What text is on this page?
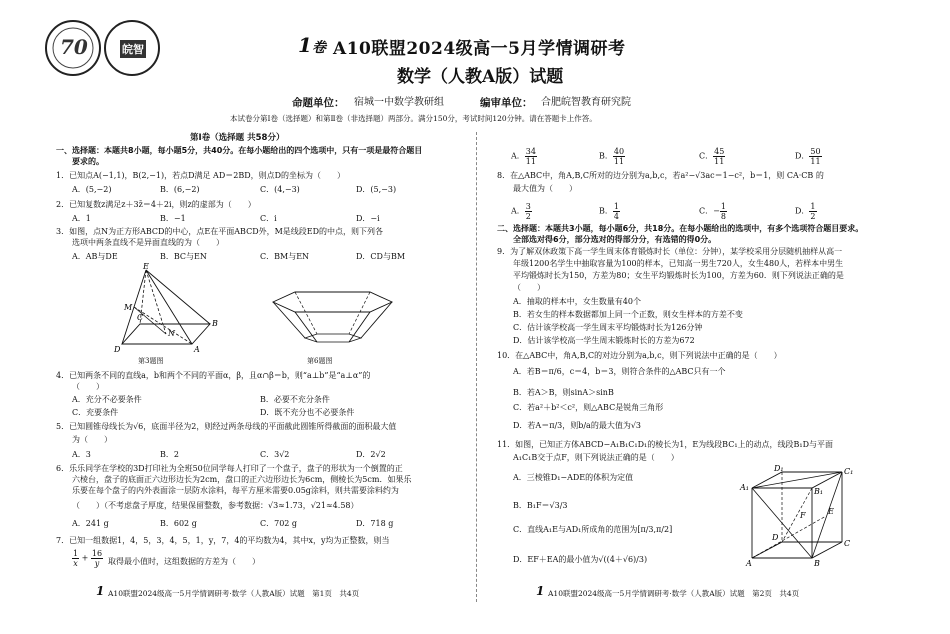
70	皖智	1 卷 A10联盟2024级高一5月学情调研考
数学（人教A版）试题
命题单位： 宿城一中数学教研组	编审单位： 合肥皖智教育研究院
本试卷分第Ⅰ卷（选择题）和第Ⅱ卷（非选择题）两部分。满分150分，考试时间120分钟。请在答题卡上作答。
第Ⅰ卷（选择题 共58分）
一、选择题：本题共8小题，每小题5分，共40分。在每小题给出的四个选项中，只有一项是最符合题目
要求的。
1．已知点A(−1,1)，B(2,−1)，若点D满足 AD＝2BD，则点D的坐标为（　　）
A．(5,−2)	B．(6,−2)	C．(4,−3)	D．(5,−3)
2．已知复数z满足z＋3z̄＝4＋2i，则z的虚部为（　　）
A．1	B．−1	C．i	D．−i
3．如图，点N为正方形ABCD的中心，点E在平面ABCD外，M是线段ED的中点，则下列各
选项中两条直线不是异面直线的为（　　）
A．AB与DE	B．BC与EN	C．BM与EN	D．CD与BM
E
M
N
D	A
B
C
第3题图	第6题图
4．已知两条不同的直线a，b和两个不同的平面α，β，且α∩β＝b，则“a⊥b”是“a⊥α”的
（　　）
A．充分不必要条件	B．必要不充分条件
C．充要条件	D．既不充分也不必要条件
5．已知圆锥母线长为√6，底面半径为2，则经过两条母线的平面截此圆锥所得截面的面积最大值
为（　　）
A．3	B．2	C．3√2	D．2√2
6．乐乐同学在学校的3D打印社为全班50位同学每人打印了一个盘子，盘子的形状为一个倒置的正
六棱台，盘子的底面正六边形边长为2cm，盘口的正六边形边长为6cm，侧棱长为5cm．如果乐
乐要在每个盘子的内外表面涂一层防水涂料，每平方厘米需要0.05g涂料，则共需要涂料约为
（　　）（不考虑盘子厚度，结果保留整数，参考数据：√3≈1.73，√21≈4.58）
A．241 g	B．602 g	C．702 g	D．718 g
7．已知一组数据1，4，5，3，4，5，1，y，7，4的平均数为4，其中x，y均为正整数，则当
$\frac{1}{x} + \frac{16}{y}$ 取得最小值时，这组数据的方差为（　　）
1 A10联盟2024级高一5月学情调研考·数学（人教A版）试题　第1页　共4页
A． $\frac{34}{11}$	B． $\frac{40}{11}$	C． $\frac{45}{11}$	D． $\frac{50}{11}$
8．在△ABC中，角A,B,C所对的边分别为a,b,c，若a²−√3ac＝1−c²，b＝1，则 CA·CB 的
最大值为（　　）
A． $\frac{3}{2}$	B． $\frac{1}{4}$	C．− $\frac{1}{8}$	D． $\frac{1}{2}$
二、选择题：本题共3小题，每小题6分，共18分。在每小题给出的选项中，有多个选项符合题目要求。
全部选对得6分，部分选对的得部分分，有选错的得0分。
9．为了解双休政策下高一学生周末体育锻炼时长（单位：分钟），某学校采用分层随机抽样从高一
年级1200名学生中抽取容量为100的样本，已知高一男生720人，女生480人，若样本中男生
平均锻炼时长为150，方差为80；女生平均锻炼时长为100，方差为60．则下列说法正确的是
（　　）
A．抽取的样本中，女生数量有40个
B．若女生的样本数据都加上同一个正数，则女生样本的方差不变
C．估计该学校高一学生周末平均锻炼时长为126分钟
D．估计该学校高一学生周末锻炼时长的方差为672
10．在△ABC中，角A,B,C的对边分别为a,b,c，则下列说法中正确的是（　　）
A．若B＝π/6，c＝4，b＝3，则符合条件的△ABC只有一个
B．若A＞B，则sinA＞sinB
C．若a²＋b²＜c²，则△ABC是锐角三角形
D．若A＝π/3，则b/a的最大值为√3
11．如图，已知正方体ABCD−A₁B₁C₁D₁的棱长为1，E为线段BC₁上的动点，线段B₁D与平面
A₁C₁B交于点F，则下列说法正确的是（　　）
A．三棱锥D₁−ADE的体积为定值
B．B₁F＝√3/3
C．直线A₁E与AD₁所成角的范围为[π/3,π/2]
D．EF＋EA的最小值为√((4＋√6)/3)
D₁	C₁
A₁	B₁
E
F
D
C
A	B
1 A10联盟2024级高一5月学情调研考·数学（人教A版）试题　第2页　共4页
